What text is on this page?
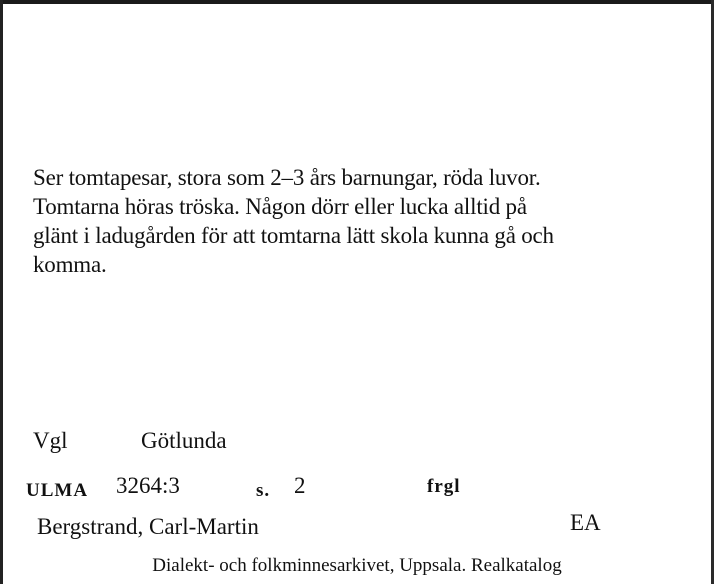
Ser tomtapesar, stora som 2–3 års barnungar, röda luvor.
Tomtarna höras tröska. Någon dörr eller lucka alltid på
glänt i ladugården för att tomtarna lätt skola kunna gå och
komma.
Vgl	Götlunda
ULMA 3264:3	s. 2	frgl
Bergstrand, Carl-Martin	EA
Dialekt- och folkminnesarkivet, Uppsala. Realkatalog
